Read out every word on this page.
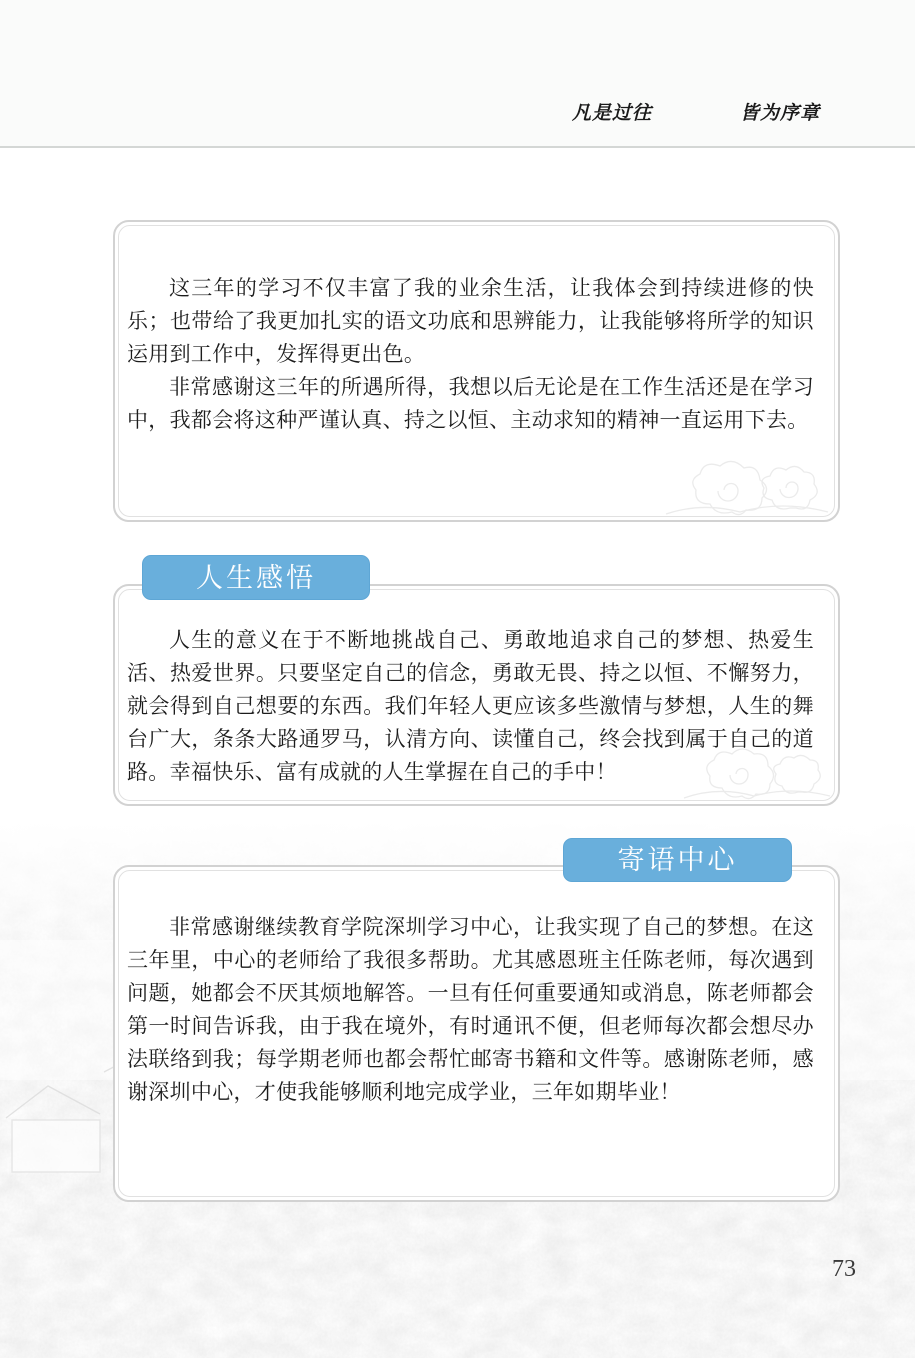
凡是过往	皆为序章

这三年的学习不仅丰富了我的业余生活，让我体会到持续进修的快乐；也带给了我更加扎实的语文功底和思辨能力，让我能够将所学的知识运用到工作中，发挥得更出色。

非常感谢这三年的所遇所得，我想以后无论是在工作生活还是在学习中，我都会将这种严谨认真、持之以恒、主动求知的精神一直运用下去。

人生感悟

人生的意义在于不断地挑战自己、勇敢地追求自己的梦想、热爱生活、热爱世界。只要坚定自己的信念，勇敢无畏、持之以恒、不懈努力，就会得到自己想要的东西。我们年轻人更应该多些激情与梦想，人生的舞台广大，条条大路通罗马，认清方向、读懂自己，终会找到属于自己的道路。幸福快乐、富有成就的人生掌握在自己的手中！

寄语中心

非常感谢继续教育学院深圳学习中心，让我实现了自己的梦想。在这三年里，中心的老师给了我很多帮助。尤其感恩班主任陈老师，每次遇到问题，她都会不厌其烦地解答。一旦有任何重要通知或消息，陈老师都会第一时间告诉我，由于我在境外，有时通讯不便，但老师每次都会想尽办法联络到我；每学期老师也都会帮忙邮寄书籍和文件等。感谢陈老师，感谢深圳中心，才使我能够顺利地完成学业，三年如期毕业！

73
